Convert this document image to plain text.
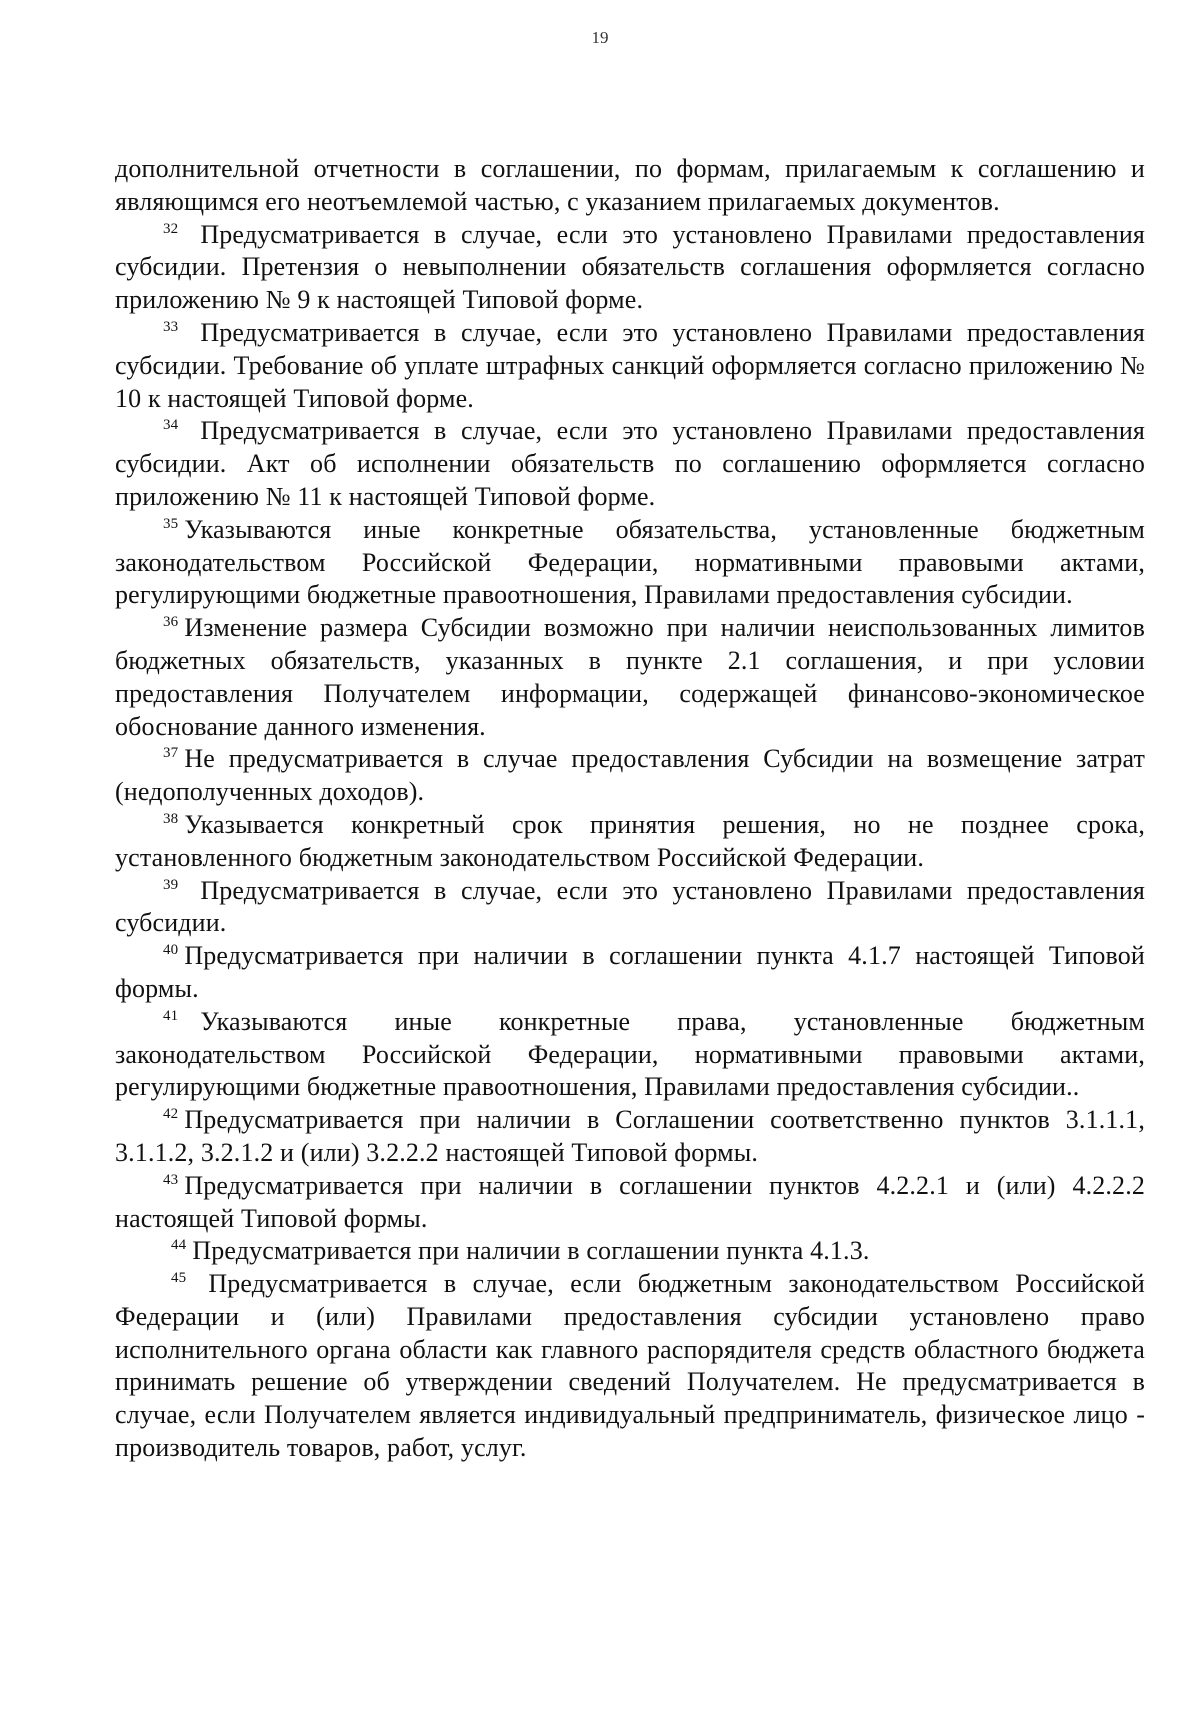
19

дополнительной отчетности в соглашении, по формам, прилагаемым к соглашению и являющимся его неотъемлемой частью, с указанием прилагаемых документов.

$^{32}$ Предусматривается в случае, если это установлено Правилами предоставления субсидии. Претензия о невыполнении обязательств соглашения оформляется согласно приложению № 9 к настоящей Типовой форме.

$^{33}$ Предусматривается в случае, если это установлено Правилами предоставления субсидии. Требование об уплате штрафных санкций оформляется согласно приложению № 10 к настоящей Типовой форме.

$^{34}$ Предусматривается в случае, если это установлено Правилами предоставления субсидии. Акт об исполнении обязательств по соглашению оформляется согласно приложению № 11 к настоящей Типовой форме.

$^{35}$ Указываются иные конкретные обязательства, установленные бюджетным законодательством Российской Федерации, нормативными правовыми актами, регулирующими бюджетные правоотношения, Правилами предоставления субсидии.

$^{36}$ Изменение размера Субсидии возможно при наличии неиспользованных лимитов бюджетных обязательств, указанных в пункте 2.1 соглашения, и при условии предоставления Получателем информации, содержащей финансово-экономическое обоснование данного изменения.

$^{37}$ Не предусматривается в случае предоставления Субсидии на возмещение затрат (недополученных доходов).

$^{38}$ Указывается конкретный срок принятия решения, но не позднее срока, установленного бюджетным законодательством Российской Федерации.

$^{39}$ Предусматривается в случае, если это установлено Правилами предоставления субсидии.

$^{40}$ Предусматривается при наличии в соглашении пункта 4.1.7 настоящей Типовой формы.

$^{41}$ Указываются иные конкретные права, установленные бюджетным законодательством Российской Федерации, нормативными правовыми актами, регулирующими бюджетные правоотношения, Правилами предоставления субсидии..

$^{42}$ Предусматривается при наличии в Соглашении соответственно пунктов 3.1.1.1, 3.1.1.2, 3.2.1.2 и (или) 3.2.2.2 настоящей Типовой формы.

$^{43}$ Предусматривается при наличии в соглашении пунктов 4.2.2.1 и (или) 4.2.2.2 настоящей Типовой формы.

$^{44}$ Предусматривается при наличии в соглашении пункта 4.1.3.

$^{45}$ Предусматривается в случае, если бюджетным законодательством Российской Федерации и (или) Правилами предоставления субсидии установлено право исполнительного органа области как главного распорядителя средств областного бюджета принимать решение об утверждении сведений Получателем. Не предусматривается в случае, если Получателем является индивидуальный предприниматель, физическое лицо - производитель товаров, работ, услуг.
